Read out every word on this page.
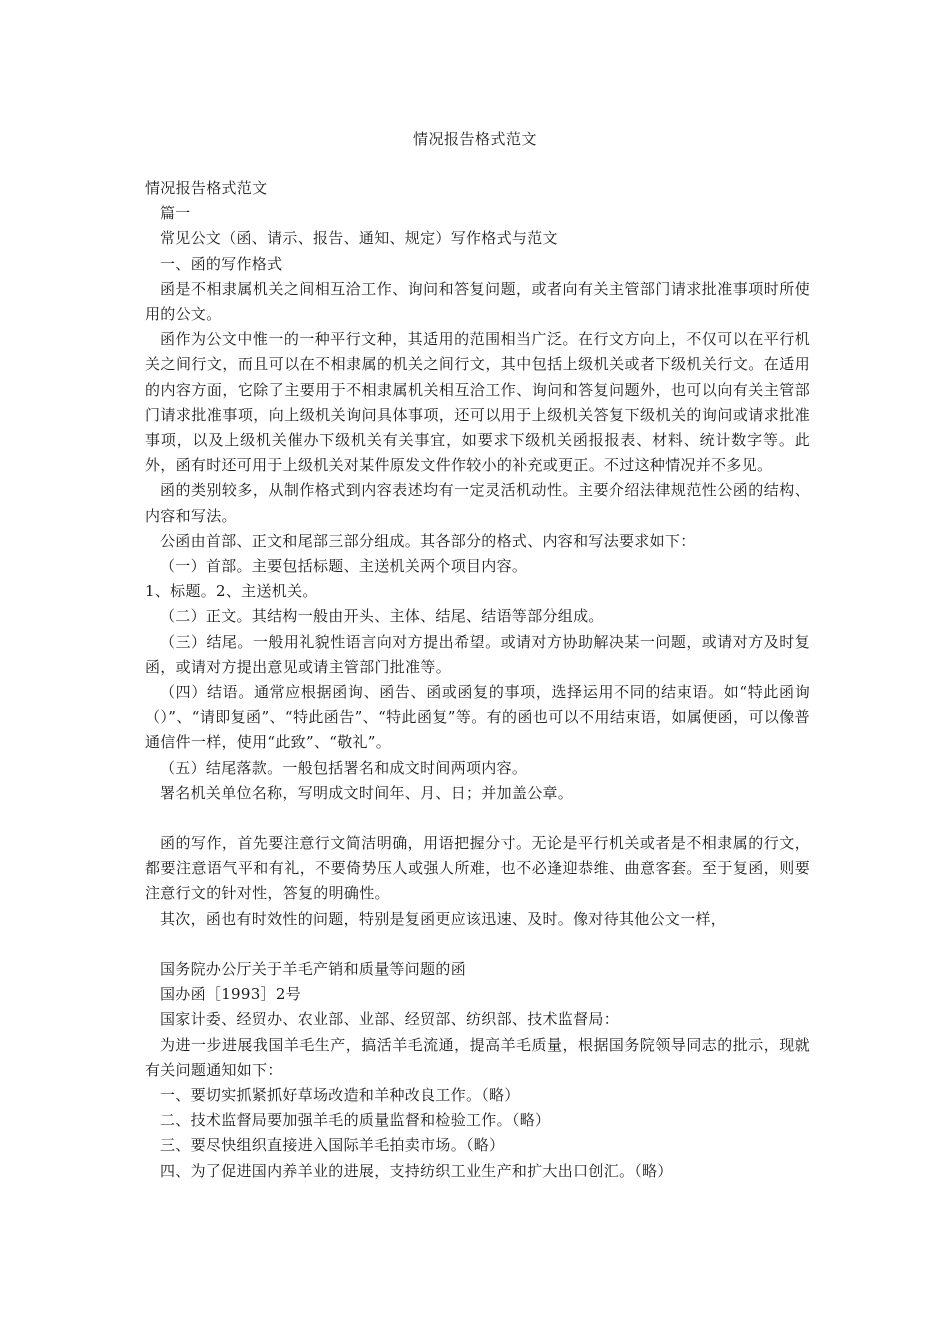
情况报告格式范文

情况报告格式范文

篇一

常见公文（函、请示、报告、通知、规定）写作格式与范文

一、函的写作格式

函是不相隶属机关之间相互洽工作、询问和答复问题，或者向有关主管部门请求批准事项时所使用的公文。

函作为公文中惟一的一种平行文种，其适用的范围相当广泛。在行文方向上，不仅可以在平行机关之间行文，而且可以在不相隶属的机关之间行文，其中包括上级机关或者下级机关行文。在适用的内容方面，它除了主要用于不相隶属机关相互洽工作、询问和答复问题外，也可以向有关主管部门请求批准事项，向上级机关询问具体事项，还可以用于上级机关答复下级机关的询问或请求批准事项，以及上级机关催办下级机关有关事宜，如要求下级机关函报报表、材料、统计数字等。此外，函有时还可用于上级机关对某件原发文件作较小的补充或更正。不过这种情况并不多见。

函的类别较多，从制作格式到内容表述均有一定灵活机动性。主要介绍法律规范性公函的结构、内容和写法。

公函由首部、正文和尾部三部分组成。其各部分的格式、内容和写法要求如下：

（一）首部。主要包括标题、主送机关两个项目内容。

1、标题。2、主送机关。

（二）正文。其结构一般由开头、主体、结尾、结语等部分组成。

（三）结尾。一般用礼貌性语言向对方提出希望。或请对方协助解决某一问题，或请对方及时复函，或请对方提出意见或请主管部门批准等。

（四）结语。通常应根据函询、函告、函或函复的事项，选择运用不同的结束语。如“特此函询（）”、“请即复函”、“特此函告”、“特此函复”等。有的函也可以不用结束语，如属便函，可以像普通信件一样，使用“此致”、“敬礼”。

（五）结尾落款。一般包括署名和成文时间两项内容。

署名机关单位名称，写明成文时间年、月、日；并加盖公章。

函的写作，首先要注意行文简洁明确，用语把握分寸。无论是平行机关或者是不相隶属的行文，都要注意语气平和有礼，不要倚势压人或强人所难，也不必逢迎恭维、曲意客套。至于复函，则要注意行文的针对性，答复的明确性。

其次，函也有时效性的问题，特别是复函更应该迅速、及时。像对待其他公文一样，

国务院办公厅关于羊毛产销和质量等问题的函

国办函［1993］2号

国家计委、经贸办、农业部、业部、经贸部、纺织部、技术监督局：

为进一步进展我国羊毛生产，搞活羊毛流通，提高羊毛质量，根据国务院领导同志的批示，现就有关问题通知如下：

一、要切实抓紧抓好草场改造和羊种改良工作。（略）

二、技术监督局要加强羊毛的质量监督和检验工作。（略）

三、要尽快组织直接进入国际羊毛拍卖市场。（略）

四、为了促进国内养羊业的进展，支持纺织工业生产和扩大出口创汇。（略）
